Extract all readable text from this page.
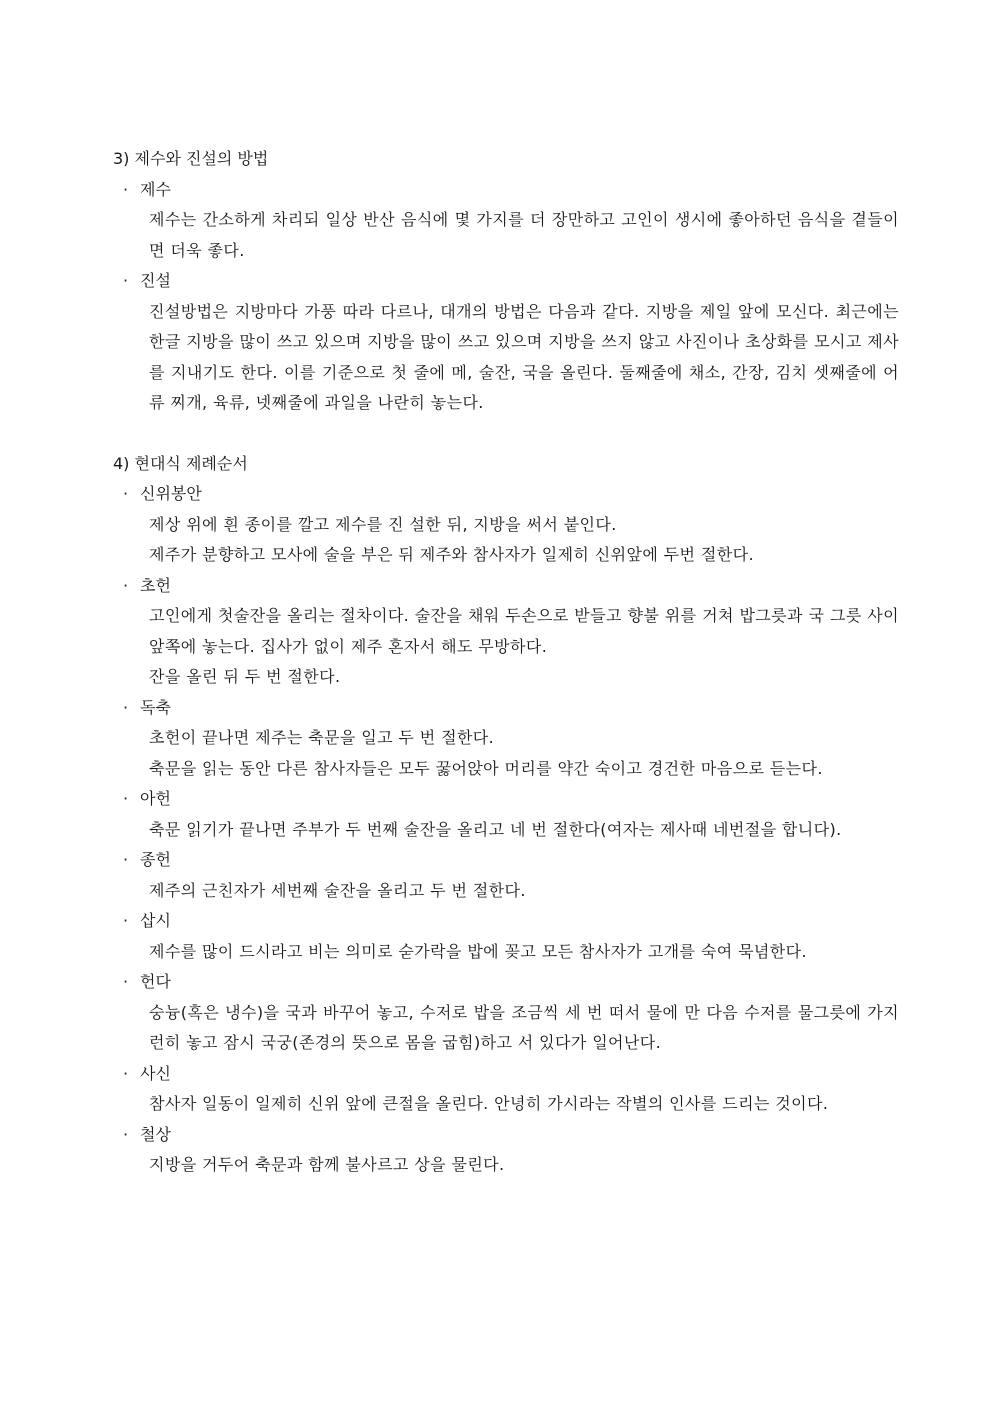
3) 제수와 진설의 방법

· 제수

제수는 간소하게 차리되 일상 반산 음식에 몇 가지를 더 장만하고 고인이 생시에 좋아하던 음식을 곁들이면 더욱 좋다.

· 진설

진설방법은 지방마다 가풍 따라 다르나, 대개의 방법은 다음과 같다. 지방을 제일 앞에 모신다. 최근에는 한글 지방을 많이 쓰고 있으며 지방을 많이 쓰고 있으며 지방을 쓰지 않고 사진이나 초상화를 모시고 제사를 지내기도 한다. 이를 기준으로 첫 줄에 메, 술잔, 국을 올린다. 둘째줄에 채소, 간장, 김치 셋째줄에 어류 찌개, 육류, 넷째줄에 과일을 나란히 놓는다.

4) 현대식 제례순서

· 신위봉안

제상 위에 흰 종이를 깔고 제수를 진 설한 뒤, 지방을 써서 붙인다.

제주가 분향하고 모사에 술을 부은 뒤 제주와 참사자가 일제히 신위앞에 두번 절한다.

· 초헌

고인에게 첫술잔을 올리는 절차이다. 술잔을 채워 두손으로 받들고 향불 위를 거쳐 밥그릇과 국 그릇 사이 앞쪽에 놓는다. 집사가 없이 제주 혼자서 해도 무방하다.

잔을 올린 뒤 두 번 절한다.

· 독축

초헌이 끝나면 제주는 축문을 일고 두 번 절한다.

축문을 읽는 동안 다른 참사자들은 모두 꿇어앉아 머리를 약간 숙이고 경건한 마음으로 듣는다.

· 아헌

축문 읽기가 끝나면 주부가 두 번째 술잔을 올리고 네 번 절한다(여자는 제사때 네번절을 합니다).

· 종헌

제주의 근친자가 세번째 술잔을 올리고 두 번 절한다.

· 삽시

제수를 많이 드시라고 비는 의미로 숟가락을 밥에 꽂고 모든 참사자가 고개를 숙여 묵념한다.

· 헌다

숭늉(혹은 냉수)을 국과 바꾸어 놓고, 수저로 밥을 조금씩 세 번 떠서 물에 만 다음 수저를 물그릇에 가지런히 놓고 잠시 국궁(존경의 뜻으로 몸을 굽힘)하고 서 있다가 일어난다.

· 사신

참사자 일동이 일제히 신위 앞에 큰절을 올린다. 안녕히 가시라는 작별의 인사를 드리는 것이다.

· 철상

지방을 거두어 축문과 함께 불사르고 상을 물린다.
